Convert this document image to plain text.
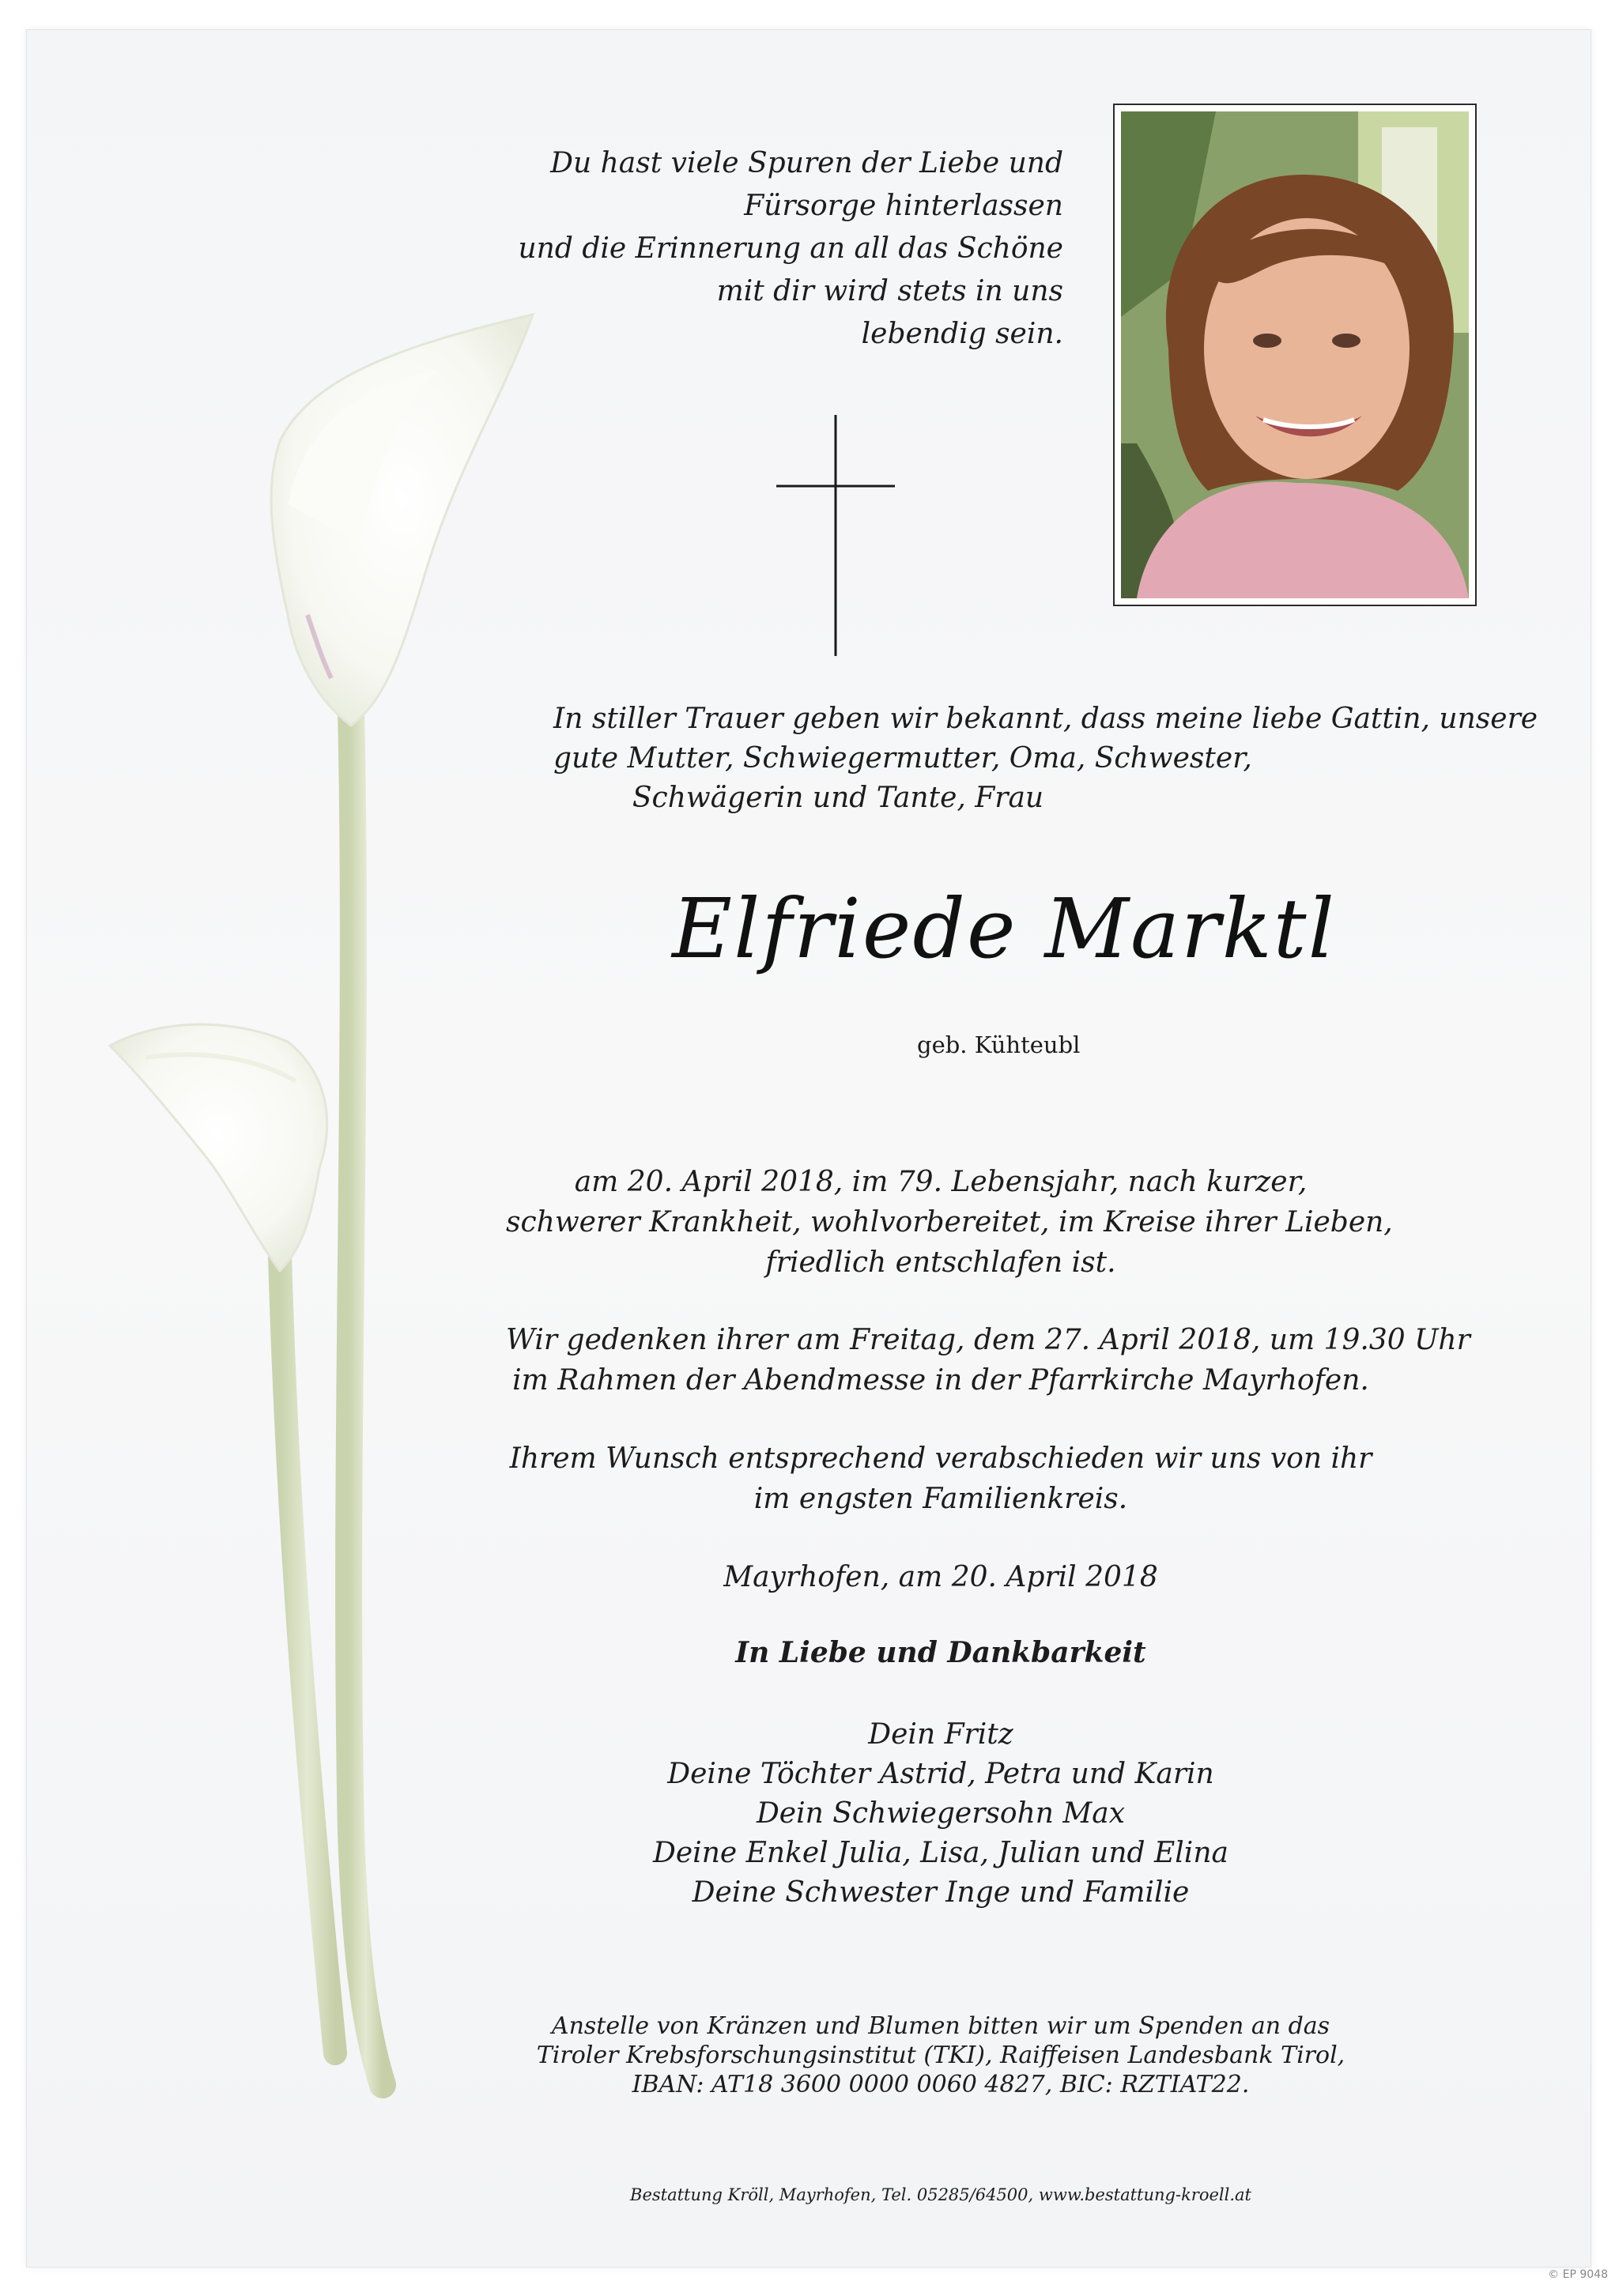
Du hast viele Spuren der Liebe und
Fürsorge hinterlassen
und die Erinnerung an all das Schöne
mit dir wird stets in uns
lebendig sein.
In stiller Trauer geben wir bekannt, dass meine liebe Gattin, unsere
gute Mutter, Schwiegermutter, Oma, Schwester,
Schwägerin und Tante, Frau
Elfriede Marktl
geb. Kühteubl
am 20. April 2018, im 79. Lebensjahr, nach kurzer,
schwerer Krankheit, wohlvorbereitet, im Kreise ihrer Lieben,
friedlich entschlafen ist.
Wir gedenken ihrer am Freitag, dem 27. April 2018, um 19.30 Uhr
im Rahmen der Abendmesse in der Pfarrkirche Mayrhofen.
Ihrem Wunsch entsprechend verabschieden wir uns von ihr
im engsten Familienkreis.
Mayrhofen, am 20. April 2018
In Liebe und Dankbarkeit
Dein Fritz
Deine Töchter Astrid, Petra und Karin
Dein Schwiegersohn Max
Deine Enkel Julia, Lisa, Julian und Elina
Deine Schwester Inge und Familie
Anstelle von Kränzen und Blumen bitten wir um Spenden an das
Tiroler Krebsforschungsinstitut (TKI), Raiffeisen Landesbank Tirol,
IBAN: AT18 3600 0000 0060 4827, BIC: RZTIAT22.
Bestattung Kröll, Mayrhofen, Tel. 05285/64500, www.bestattung-kroell.at
© EP 9048
